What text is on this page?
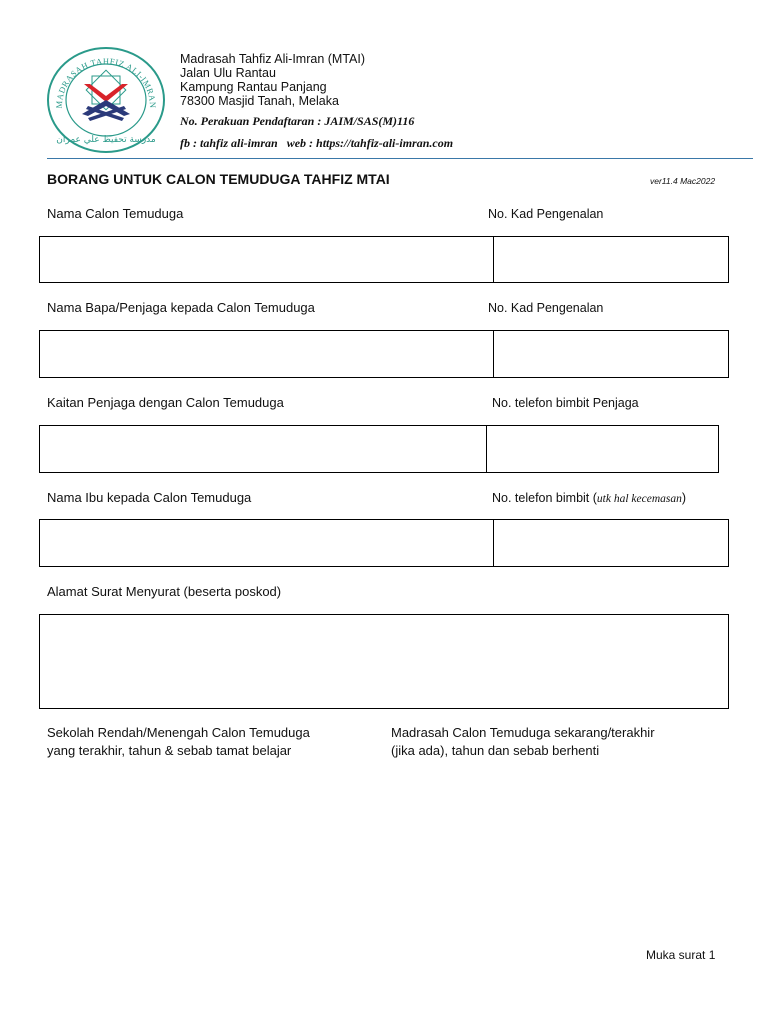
MADRASAH TAHFIZ ALI-IMRAN
مدرسة تحفيظ علي عمران
Madrasah Tahfiz Ali-Imran (MTAI)
Jalan Ulu Rantau
Kampung Rantau Panjang
78300 Masjid Tanah, Melaka
No. Perakuan Pendaftaran : JAIM/SAS(M)116
fb : tahfiz ali-imran web : https://tahfiz-ali-imran.com
BORANG UNTUK CALON TEMUDUGA TAHFIZ MTAI	ver11.4 Mac2022
Nama Calon Temuduga	No. Kad Pengenalan
Nama Bapa/Penjaga kepada Calon Temuduga	No. Kad Pengenalan
Kaitan Penjaga dengan Calon Temuduga	No. telefon bimbit Penjaga
Nama Ibu kepada Calon Temuduga	No. telefon bimbit (utk hal kecemasan)
Alamat Surat Menyurat (beserta poskod)
Sekolah Rendah/Menengah Calon Temuduga
yang terakhir, tahun & sebab tamat belajar
Madrasah Calon Temuduga sekarang/terakhir
(jika ada), tahun dan sebab berhenti
Muka surat 1
